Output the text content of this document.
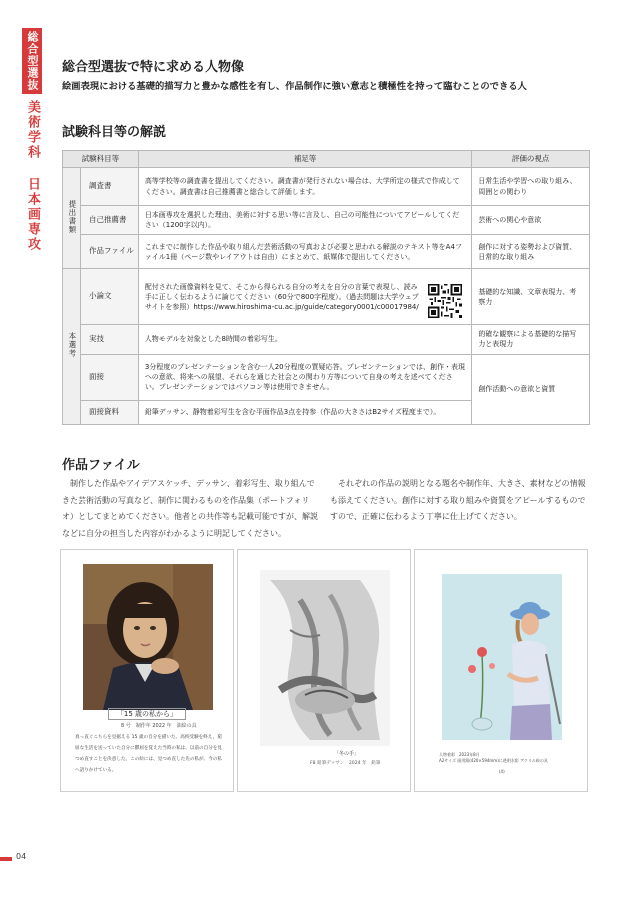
総合型選抜
美術学科 日本画専攻
総合型選抜で特に求める人物像
絵画表現における基礎的描写力と豊かな感性を有し、作品制作に強い意志と積極性を持って臨むことのできる人
試験科目等の解説
試験科目等		補足等	評価の視点
提出書類	調査書	高等学校等の調査書を提出してください。調査書が発行されない場合は、大学所定の様式で作成してください。調査書は自己推薦書と総合して評価します。	日常生活や学習への取り組み、周囲との関わり
	自己推薦書	日本画専攻を選択した理由、美術に対する思い等に言及し、自己の可能性についてアピールしてください（1200字以内）。	芸術への関心や意欲
	作品ファイル	これまでに制作した作品や取り組んだ芸術活動の写真および必要と思われる解説のテキスト等をA4ファイル1冊（ページ数やレイアウトは自由）にまとめて、紙媒体で提出してください。	創作に対する姿勢および資質、日常的な取り組み
本選考	小論文	配付された画像資料を見て、そこから得られる自分の考えを自分の言葉で表現し、読み手に正しく伝わるように論じてください（60分で800字程度）。（過去問題は大学ウェブサイトを参照）https://www.hiroshima-cu.ac.jp/guide/category0001/c00017984/	基礎的な知識、文章表現力、考察力
	実技	人物モデルを対象とした8時間の着彩写生。	的確な観察による基礎的な描写力と表現力
	面接	3分程度のプレゼンテーションを含む一人20分程度の質疑応答。プレゼンテーションでは、創作・表現への意欲、将来への展望、それらを通じた社会との関わり方等について自身の考えを述べてください。プレゼンテーションではパソコン等は使用できません。	創作活動への意欲と資質
	面接資料	鉛筆デッサン、静物着彩写生を含む平面作品3点を持参（作品の大きさはB2サイズ程度まで）。	
作品ファイル

制作した作品やアイデアスケッチ、デッサン、着彩写生、取り組んできた芸術活動の写真など、制作に関わるものを作品集（ポートフォリオ）としてまとめてください。他者との共作等も記載可能ですが、解説などに自分の担当した内容がわかるように明記してください。

それぞれの作品の説明となる題名や制作年、大きさ、素材などの情報も添えてください。創作に対する取り組みや資質をアピールするものですので、正確に伝わるよう丁寧に仕上げてください。

「15 歳の私から」
8 号　制作年 2022 年　油絵の具
真っ直ぐこちらを見据える 15 歳の自分を描いた。高校受験を終え、窮屈な生活を送っていた自分に鬱屈を覚えた当時の私は、以前の自分を見つめ直すことを決意した。この絵には、見つめ直した先の私が、今の私へ語りかけている。
「冬の手」
F8 鉛筆デッサン　2024 年　鉛筆
人物着彩　2023年8月
A2サイズ 画用紙(420×594mm)に透明水彩 アクリル絵の具
(4)
04
